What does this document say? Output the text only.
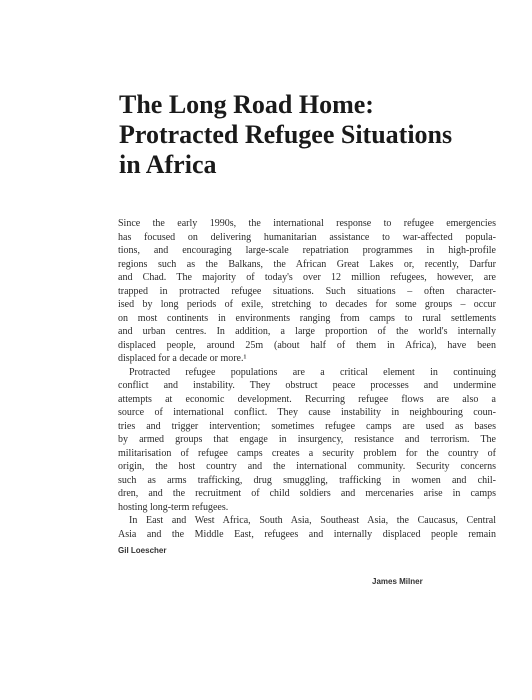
The Long Road Home:
Protracted Refugee Situations
in Africa
Since the early 1990s, the international response to refugee emergencies
has focused on delivering humanitarian assistance to war-affected popula-
tions, and encouraging large-scale repatriation programmes in high-profile
regions such as the Balkans, the African Great Lakes or, recently, Darfur
and Chad. The majority of today's over 12 million refugees, however, are
trapped in protracted refugee situations. Such situations – often character-
ised by long periods of exile, stretching to decades for some groups – occur
on most continents in environments ranging from camps to rural settlements
and urban centres. In addition, a large proportion of the world's internally
displaced people, around 25m (about half of them in Africa), have been
displaced for a decade or more.¹
Protracted refugee populations are a critical element in continuing
conflict and instability. They obstruct peace processes and undermine
attempts at economic development. Recurring refugee flows are also a
source of international conflict. They cause instability in neighbouring coun-
tries and trigger intervention; sometimes refugee camps are used as bases
by armed groups that engage in insurgency, resistance and terrorism. The
militarisation of refugee camps creates a security problem for the country of
origin, the host country and the international community. Security concerns
such as arms trafficking, drug smuggling, trafficking in women and chil-
dren, and the recruitment of child soldiers and mercenaries arise in camps
hosting long-term refugees.
In East and West Africa, South Asia, Southeast Asia, the Caucasus, Central
Asia and the Middle East, refugees and internally displaced people remain
Gil Loescher
James Milner
